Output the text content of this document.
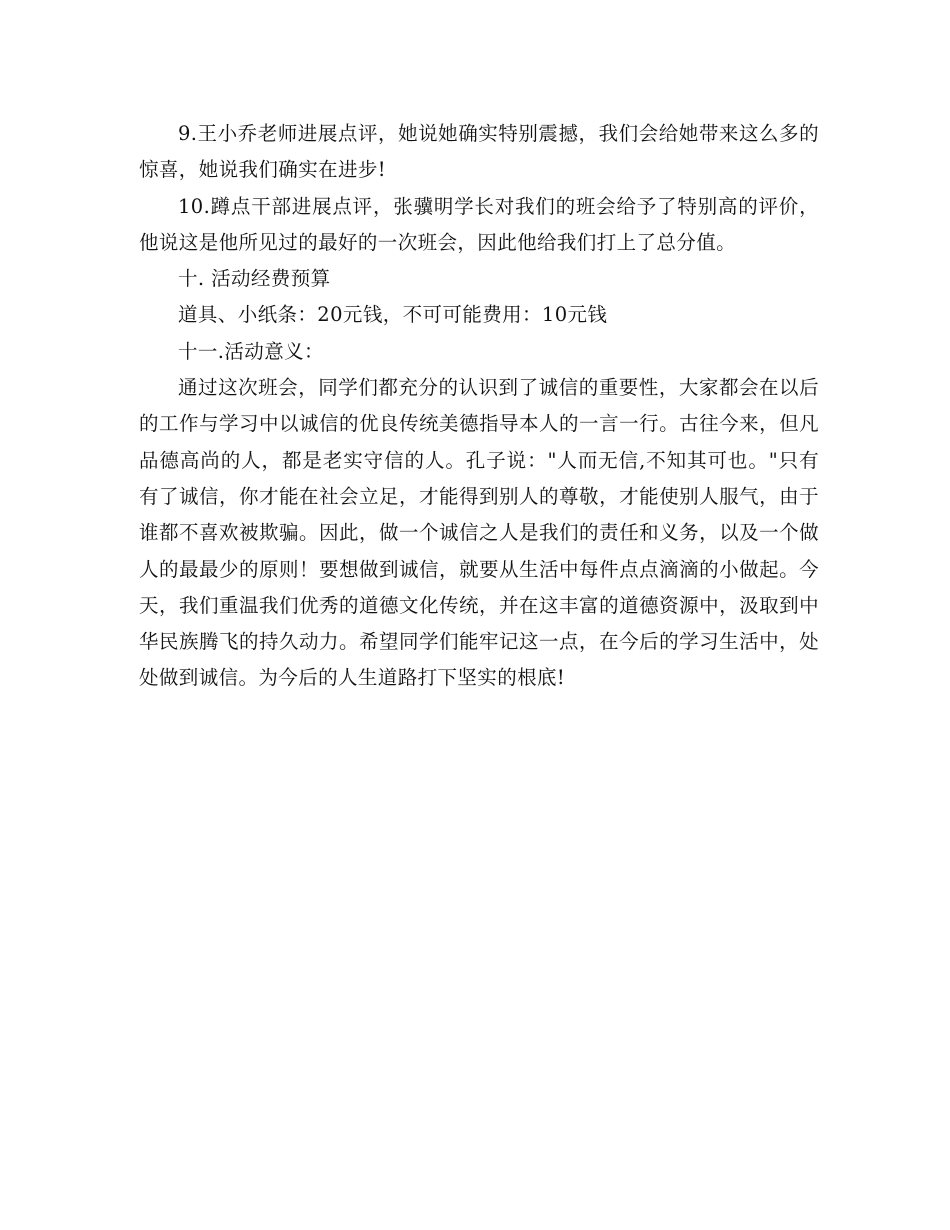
9.王小乔老师进展点评，她说她确实特别震撼，我们会给她带来这么多的惊喜，她说我们确实在进步!

10.蹲点干部进展点评，张骥明学长对我们的班会给予了特别高的评价，他说这是他所见过的最好的一次班会，因此他给我们打上了总分值。

十. 活动经费预算

道具、小纸条：20元钱，不可可能费用：10元钱

十一.活动意义：

通过这次班会，同学们都充分的认识到了诚信的重要性，大家都会在以后的工作与学习中以诚信的优良传统美德指导本人的一言一行。古往今来，但凡品德高尚的人，都是老实守信的人。孔子说："人而无信,不知其可也。"只有有了诚信，你才能在社会立足，才能得到别人的尊敬，才能使别人服气，由于谁都不喜欢被欺骗。因此，做一个诚信之人是我们的责任和义务，以及一个做人的最最少的原则！要想做到诚信，就要从生活中每件点点滴滴的小做起。今天，我们重温我们优秀的道德文化传统，并在这丰富的道德资源中，汲取到中华民族腾飞的持久动力。希望同学们能牢记这一点，在今后的学习生活中，处处做到诚信。为今后的人生道路打下坚实的根底!
